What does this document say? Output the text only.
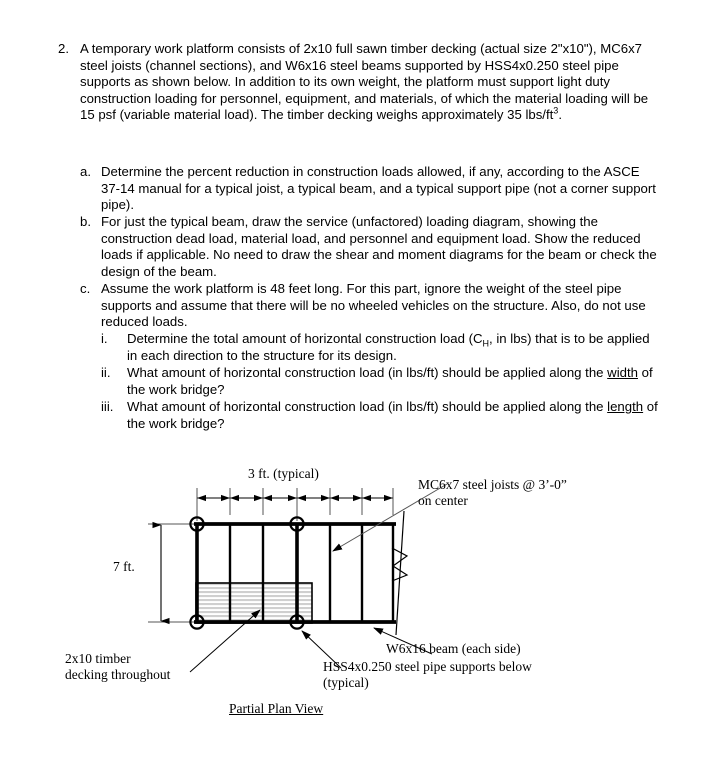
2. A temporary work platform consists of 2x10 full sawn timber decking (actual size 2"x10"), MC6x7 steel joists (channel sections), and W6x16 steel beams supported by HSS4x0.250 steel pipe supports as shown below. In addition to its own weight, the platform must support light duty construction loading for personnel, equipment, and materials, of which the material loading will be 15 psf (variable material load). The timber decking weighs approximately 35 lbs/$ft^3$.
a. Determine the percent reduction in construction loads allowed, if any, according to the ASCE 37-14 manual for a typical joist, a typical beam, and a typical support pipe (not a corner support pipe).
b. For just the typical beam, draw the service (unfactored) loading diagram, showing the construction dead load, material load, and personnel and equipment load. Show the reduced loads if applicable. No need to draw the shear and moment diagrams for the beam or check the design of the beam.
c. Assume the work platform is 48 feet long. For this part, ignore the weight of the steel pipe supports and assume that there will be no wheeled vehicles on the structure. Also, do not use reduced loads.
i.	Determine the total amount of horizontal construction load ($C_H$, in lbs) that is to be applied in each direction to the structure for its design.
ii.	What amount of horizontal construction load (in lbs/ft) should be applied along the width of the work bridge?
iii.	What amount of horizontal construction load (in lbs/ft) should be applied along the length of the work bridge?
3 ft. (typical)
7 ft.
MC6x7 steel joists @ 3’-0”
on center
W6x16 beam (each side)
HSS4x0.250 steel pipe supports below
(typical)
2x10 timber
decking throughout
Partial Plan View
